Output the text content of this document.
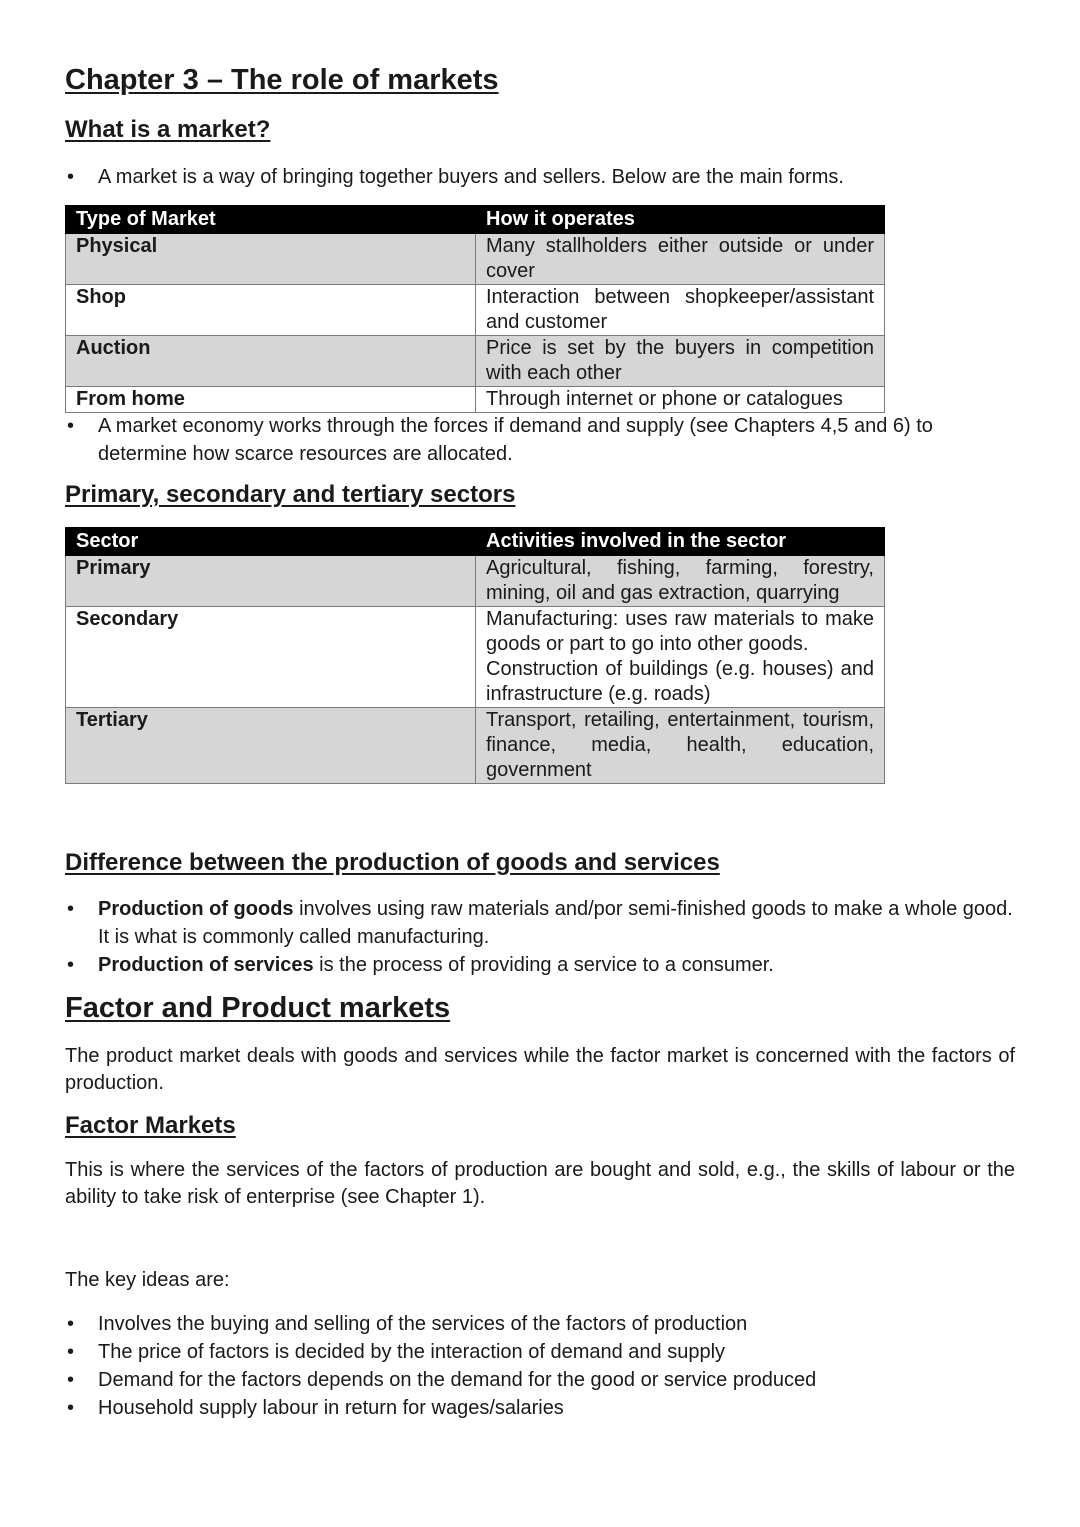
Chapter 3 – The role of markets
What is a market?
• A market is a way of bringing together buyers and sellers. Below are the main forms.
Type of Market	How it operates
Physical	Many stallholders either outside or under cover
Shop	Interaction between shopkeeper/assistant and customer
Auction	Price is set by the buyers in competition with each other
From home	Through internet or phone or catalogues
• A market economy works through the forces if demand and supply (see Chapters 4,5 and 6) to determine how scarce resources are allocated.
Primary, secondary and tertiary sectors
Sector	Activities involved in the sector
Primary	Agricultural, fishing, farming, forestry, mining, oil and gas extraction, quarrying
Secondary	Manufacturing: uses raw materials to make goods or part to go into other goods.
Construction of buildings (e.g. houses) and infrastructure (e.g. roads)

Tertiary	Transport, retailing, entertainment, tourism, finance, media, health, education, government
Difference between the production of goods and services
• Production of goods involves using raw materials and/por semi-finished goods to make a whole good. It is what is commonly called manufacturing.
• Production of services is the process of providing a service to a consumer.
Factor and Product markets

The product market deals with goods and services while the factor market is concerned with the factors of production.

Factor Markets

This is where the services of the factors of production are bought and sold, e.g., the skills of labour or the ability to take risk of enterprise (see Chapter 1).

The key ideas are:

• Involves the buying and selling of the services of the factors of production
• The price of factors is decided by the interaction of demand and supply
• Demand for the factors depends on the demand for the good or service produced
• Household supply labour in return for wages/salaries
